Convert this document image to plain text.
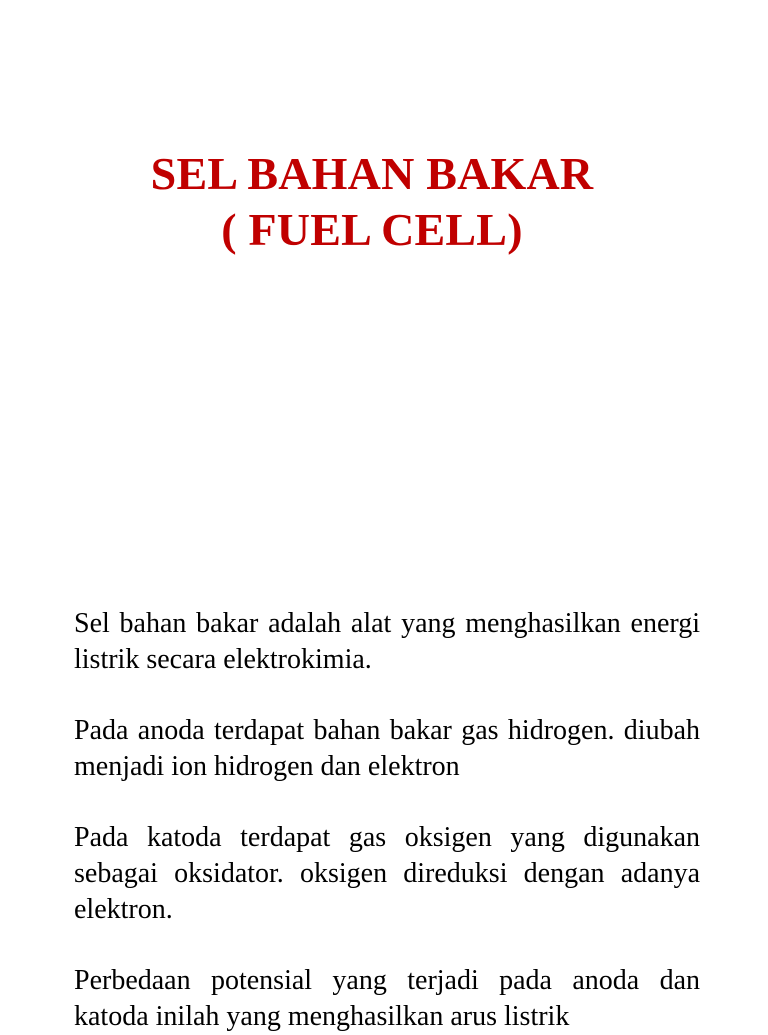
SEL BAHAN BAKAR
( FUEL CELL)

Sel bahan bakar adalah alat yang menghasilkan energi listrik secara elektrokimia.

Pada anoda terdapat bahan bakar gas hidrogen. diubah menjadi ion hidrogen dan elektron

Pada katoda terdapat gas oksigen yang digunakan sebagai oksidator. oksigen direduksi dengan adanya elektron.

Perbedaan potensial yang terjadi pada anoda dan katoda inilah yang menghasilkan arus listrik
